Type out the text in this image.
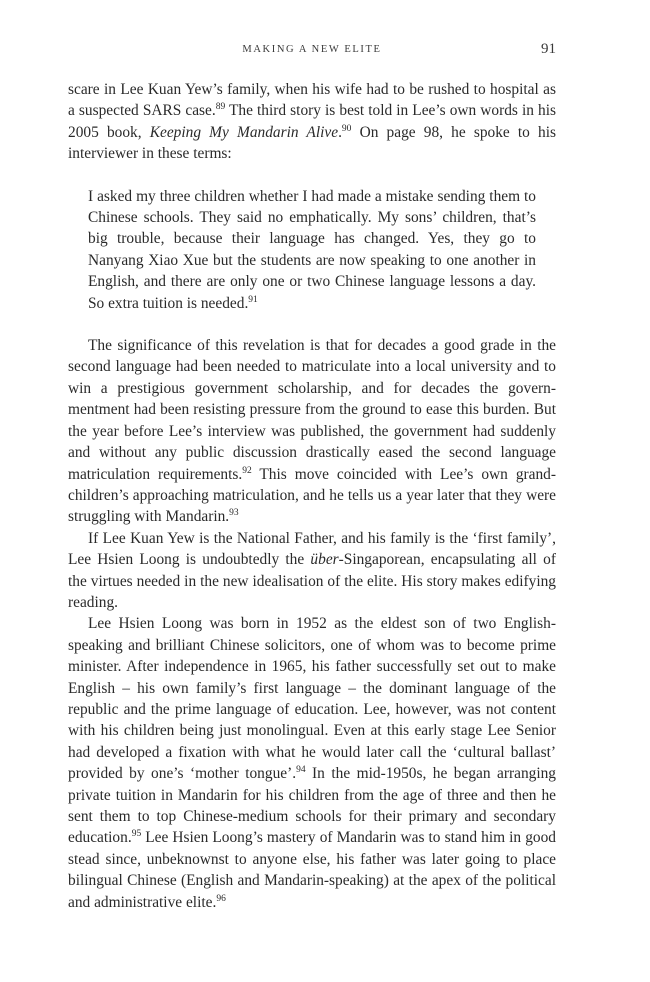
MAKING A NEW ELITE	91

scare in Lee Kuan Yew’s family, when his wife had to be rushed to hospital as a suspected SARS case.$^{89}$ The third story is best told in Lee’s own words in his 2005 book, Keeping My Mandarin Alive.$^{90}$ On page 98, he spoke to his interviewer in these terms:

I asked my three children whether I had made a mistake sending them to Chinese schools. They said no emphatically. My sons’ children, that’s big trouble, because their language has changed. Yes, they go to Nanyang Xiao Xue but the students are now speaking to one another in English, and there are only one or two Chinese language lessons a day. So extra tuition is needed.$^{91}$

The significance of this revelation is that for decades a good grade in the second language had been needed to matriculate into a local university and to win a prestigious government scholarship, and for decades the governmentment had been resisting pressure from the ground to ease this burden. But the year before Lee’s interview was published, the government had suddenly and without any public discussion drastically eased the second language matriculation requirements.$^{92}$ This move coincided with Lee’s own grandchildren’s approaching matriculation, and he tells us a year later that they were struggling with Mandarin.$^{93}$

If Lee Kuan Yew is the National Father, and his family is the ‘first family’, Lee Hsien Loong is undoubtedly the über-Singaporean, encapsulating all of the virtues needed in the new idealisation of the elite. His story makes edifying reading.

Lee Hsien Loong was born in 1952 as the eldest son of two English-speaking and brilliant Chinese solicitors, one of whom was to become prime minister. After independence in 1965, his father successfully set out to make English – his own family’s first language – the dominant language of the republic and the prime language of education. Lee, however, was not content with his children being just monolingual. Even at this early stage Lee Senior had developed a fixation with what he would later call the ‘cultural ballast’ provided by one’s ‘mother tongue’.$^{94}$ In the mid-1950s, he began arranging private tuition in Mandarin for his children from the age of three and then he sent them to top Chinese-medium schools for their primary and secondary education.$^{95}$ Lee Hsien Loong’s mastery of Mandarin was to stand him in good stead since, unbeknownst to anyone else, his father was later going to place bilingual Chinese (English and Mandarin-speaking) at the apex of the political and administrative elite.$^{96}$
